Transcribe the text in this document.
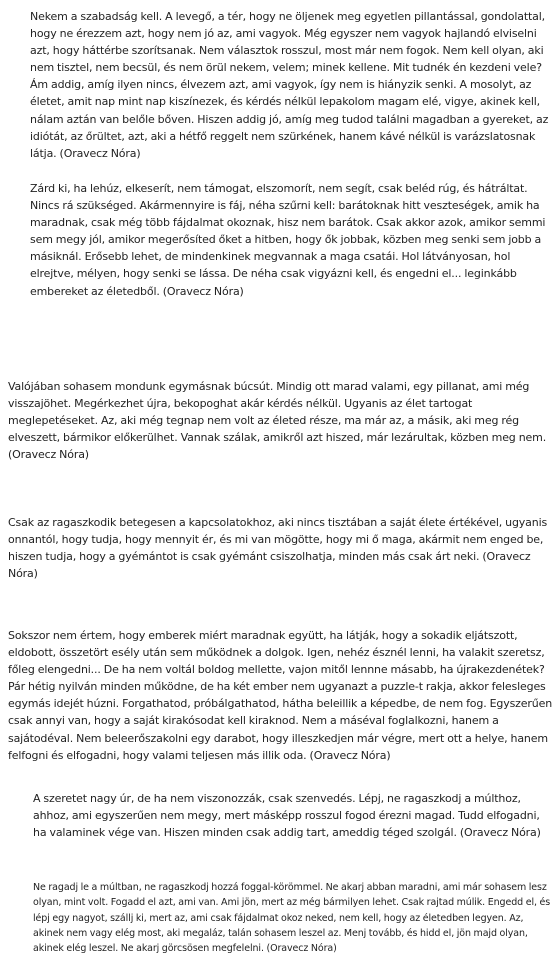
Nekem a szabadság kell. A levegő, a tér, hogy ne öljenek meg egyetlen pillantással, gondolattal, hogy ne érezzem azt, hogy nem jó az, ami vagyok. Még egyszer nem vagyok hajlandó elviselni azt, hogy háttérbe szorítsanak. Nem választok rosszul, most már nem fogok. Nem kell olyan, aki nem tisztel, nem becsül, és nem örül nekem, velem; minek kellene. Mit tudnék én kezdeni vele? Ám addig, amíg ilyen nincs, élvezem azt, ami vagyok, így nem is hiányzik senki. A mosolyt, az életet, amit nap mint nap kiszínezek, és kérdés nélkül lepakolom magam elé, vigye, akinek kell, nálam aztán van belőle bőven. Hiszen addig jó, amíg meg tudod találni magadban a gyereket, az idiótát, az őrültet, azt, aki a hétfő reggelt nem szürkének, hanem kávé nélkül is varázslatosnak látja. (Oravecz Nóra)

Zárd ki, ha lehúz, elkeserít, nem támogat, elszomorít, nem segít, csak beléd rúg, és hátráltat. Nincs rá szükséged. Akármennyire is fáj, néha szűrni kell: barátoknak hitt veszteségek, amik ha maradnak, csak még több fájdalmat okoznak, hisz nem barátok. Csak akkor azok, amikor semmi sem megy jól, amikor megerősíted őket a hitben, hogy ők jobbak, közben meg senki sem jobb a másiknál. Erősebb lehet, de mindenkinek megvannak a maga csatái. Hol látványosan, hol elrejtve, mélyen, hogy senki se lássa. De néha csak vigyázni kell, és engedni el... leginkább embereket az életedből. (Oravecz Nóra)

Valójában sohasem mondunk egymásnak búcsút. Mindig ott marad valami, egy pillanat, ami még visszajöhet. Megérkezhet újra, bekopoghat akár kérdés nélkül. Ugyanis az élet tartogat meglepetéseket. Az, aki még tegnap nem volt az életed része, ma már az, a másik, aki meg rég elveszett, bármikor előkerülhet. Vannak szálak, amikről azt hiszed, már lezárultak, közben meg nem. (Oravecz Nóra)

Csak az ragaszkodik betegesen a kapcsolatokhoz, aki nincs tisztában a saját élete értékével, ugyanis onnantól, hogy tudja, hogy mennyit ér, és mi van mögötte, hogy mi ő maga, akármit nem enged be, hiszen tudja, hogy a gyémántot is csak gyémánt csiszolhatja, minden más csak árt neki. (Oravecz Nóra)

Sokszor nem értem, hogy emberek miért maradnak együtt, ha látják, hogy a sokadik eljátszott, eldobott, összetört esély után sem működnek a dolgok. Igen, nehéz észnél lenni, ha valakit szeretsz, főleg elengedni... De ha nem voltál boldog mellette, vajon mitől lennne másabb, ha újrakezdenétek? Pár hétig nyilván minden működne, de ha két ember nem ugyanazt a puzzle-t rakja, akkor felesleges egymás idejét húzni. Forgathatod, próbálgathatod, hátha beleillik a képedbe, de nem fog. Egyszerűen csak annyi van, hogy a saját kirakósodat kell kiraknod. Nem a máséval foglalkozni, hanem a sajátodéval. Nem beleerőszakolni egy darabot, hogy illeszkedjen már végre, mert ott a helye, hanem felfogni és elfogadni, hogy valami teljesen más illik oda. (Oravecz Nóra)

A szeretet nagy úr, de ha nem viszonozzák, csak szenvedés. Lépj, ne ragaszkodj a múlthoz, ahhoz, ami egyszerűen nem megy, mert másképp rosszul fogod érezni magad. Tudd elfogadni, ha valaminek vége van. Hiszen minden csak addig tart, ameddig téged szolgál. (Oravecz Nóra)

Ne ragadj le a múltban, ne ragaszkodj hozzá foggal-körömmel. Ne akarj abban maradni, ami már sohasem lesz olyan, mint volt. Fogadd el azt, ami van. Ami jön, mert az még bármilyen lehet. Csak rajtad múlik. Engedd el, és lépj egy nagyot, szállj ki, mert az, ami csak fájdalmat okoz neked, nem kell, hogy az életedben legyen. Az, akinek nem vagy elég most, aki megaláz, talán sohasem leszel az. Menj tovább, és hidd el, jön majd olyan, akinek elég leszel. Ne akarj görcsösen megfelelni. (Oravecz Nóra)
